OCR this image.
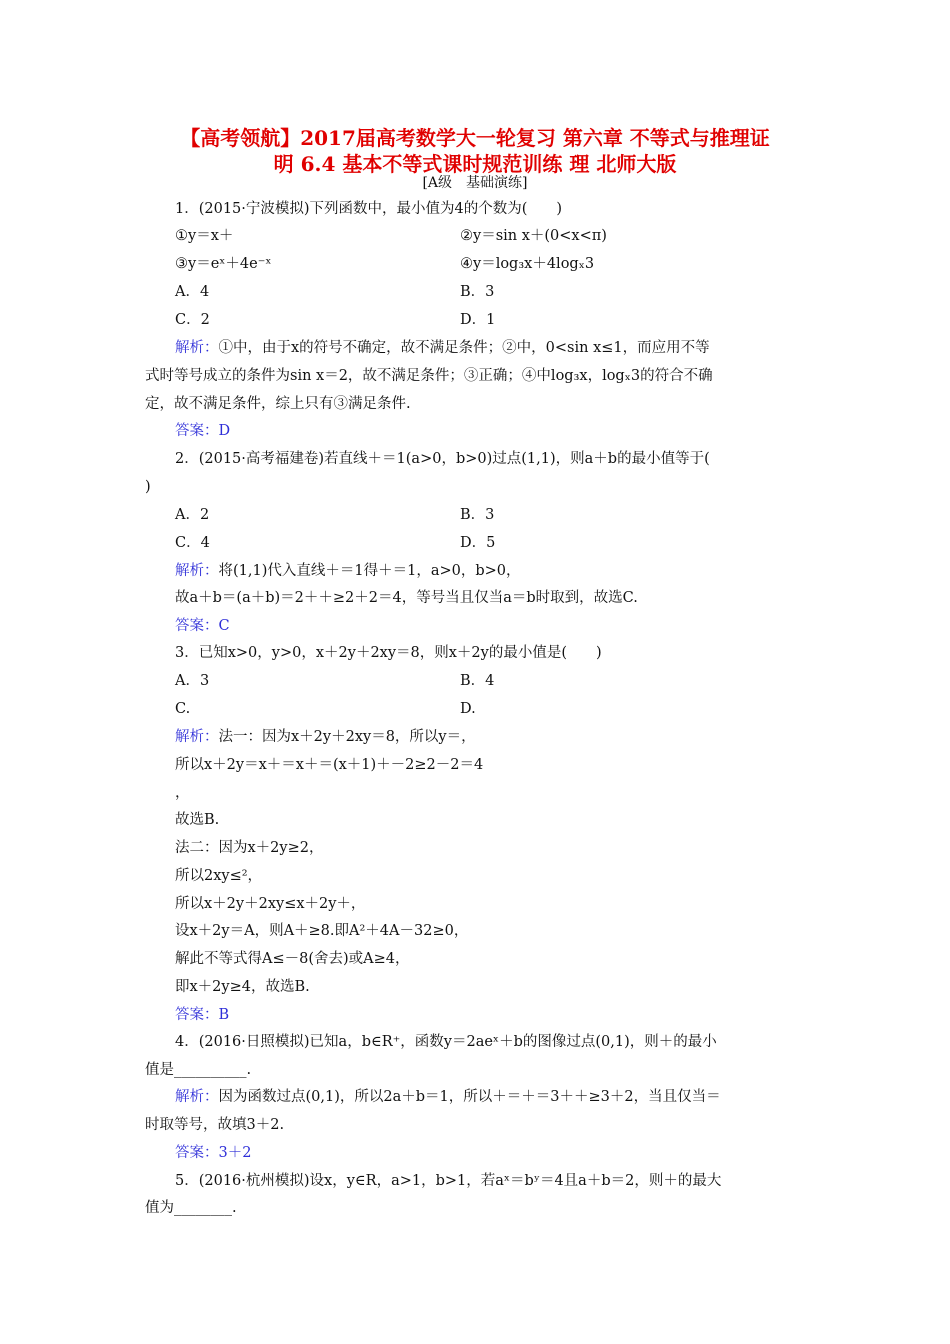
【高考领航】2017届高考数学大一轮复习 第六章 不等式与推理证
明 6.4 基本不等式课时规范训练 理 北师大版
[A级　基础演练]
1．(2015·宁波模拟)下列函数中，最小值为4的个数为(　　)
①y＝x＋	②y＝sin x＋(0<x<π)
③y＝eˣ＋4e⁻ˣ	④y＝log₃x＋4logₓ3
A．4	B．3
C．2	D．1
解析：①中，由于x的符号不确定，故不满足条件；②中，0<sin x≤1，而应用不等
式时等号成立的条件为sin x＝2，故不满足条件；③正确；④中log₃x，logₓ3的符合不确
定，故不满足条件，综上只有③满足条件.
答案：D
2．(2015·高考福建卷)若直线＋＝1(a>0，b>0)过点(1,1)，则a＋b的最小值等于(
)
A．2	B．3
C．4	D．5
解析：将(1,1)代入直线＋＝1得＋＝1，a>0，b>0，
故a＋b＝(a＋b)＝2＋＋≥2＋2＝4，等号当且仅当a＝b时取到，故选C.
答案：C
3．已知x>0，y>0，x＋2y＋2xy＝8，则x＋2y的最小值是(　　)
A．3	B．4
C.	D.
解析：法一：因为x＋2y＋2xy＝8，所以y＝，
所以x＋2y＝x＋＝x＋＝(x＋1)＋－2≥2－2＝4
，
故选B.
法二：因为x＋2y≥2，
所以2xy≤²，
所以x＋2y＋2xy≤x＋2y＋，
设x＋2y＝A，则A＋≥8.即A²＋4A－32≥0，
解此不等式得A≤－8(舍去)或A≥4，
即x＋2y≥4，故选B.
答案：B
4．(2016·日照模拟)已知a，b∈R⁺，函数y＝2aeˣ＋b的图像过点(0,1)，则＋的最小
值是__________.
解析：因为函数过点(0,1)，所以2a＋b＝1，所以＋＝＋＝3＋＋≥3＋2，当且仅当＝
时取等号，故填3＋2.
答案：3＋2
5．(2016·杭州模拟)设x，y∈R，a>1，b>1，若aˣ＝bʸ＝4且a＋b＝2，则＋的最大
值为________.
